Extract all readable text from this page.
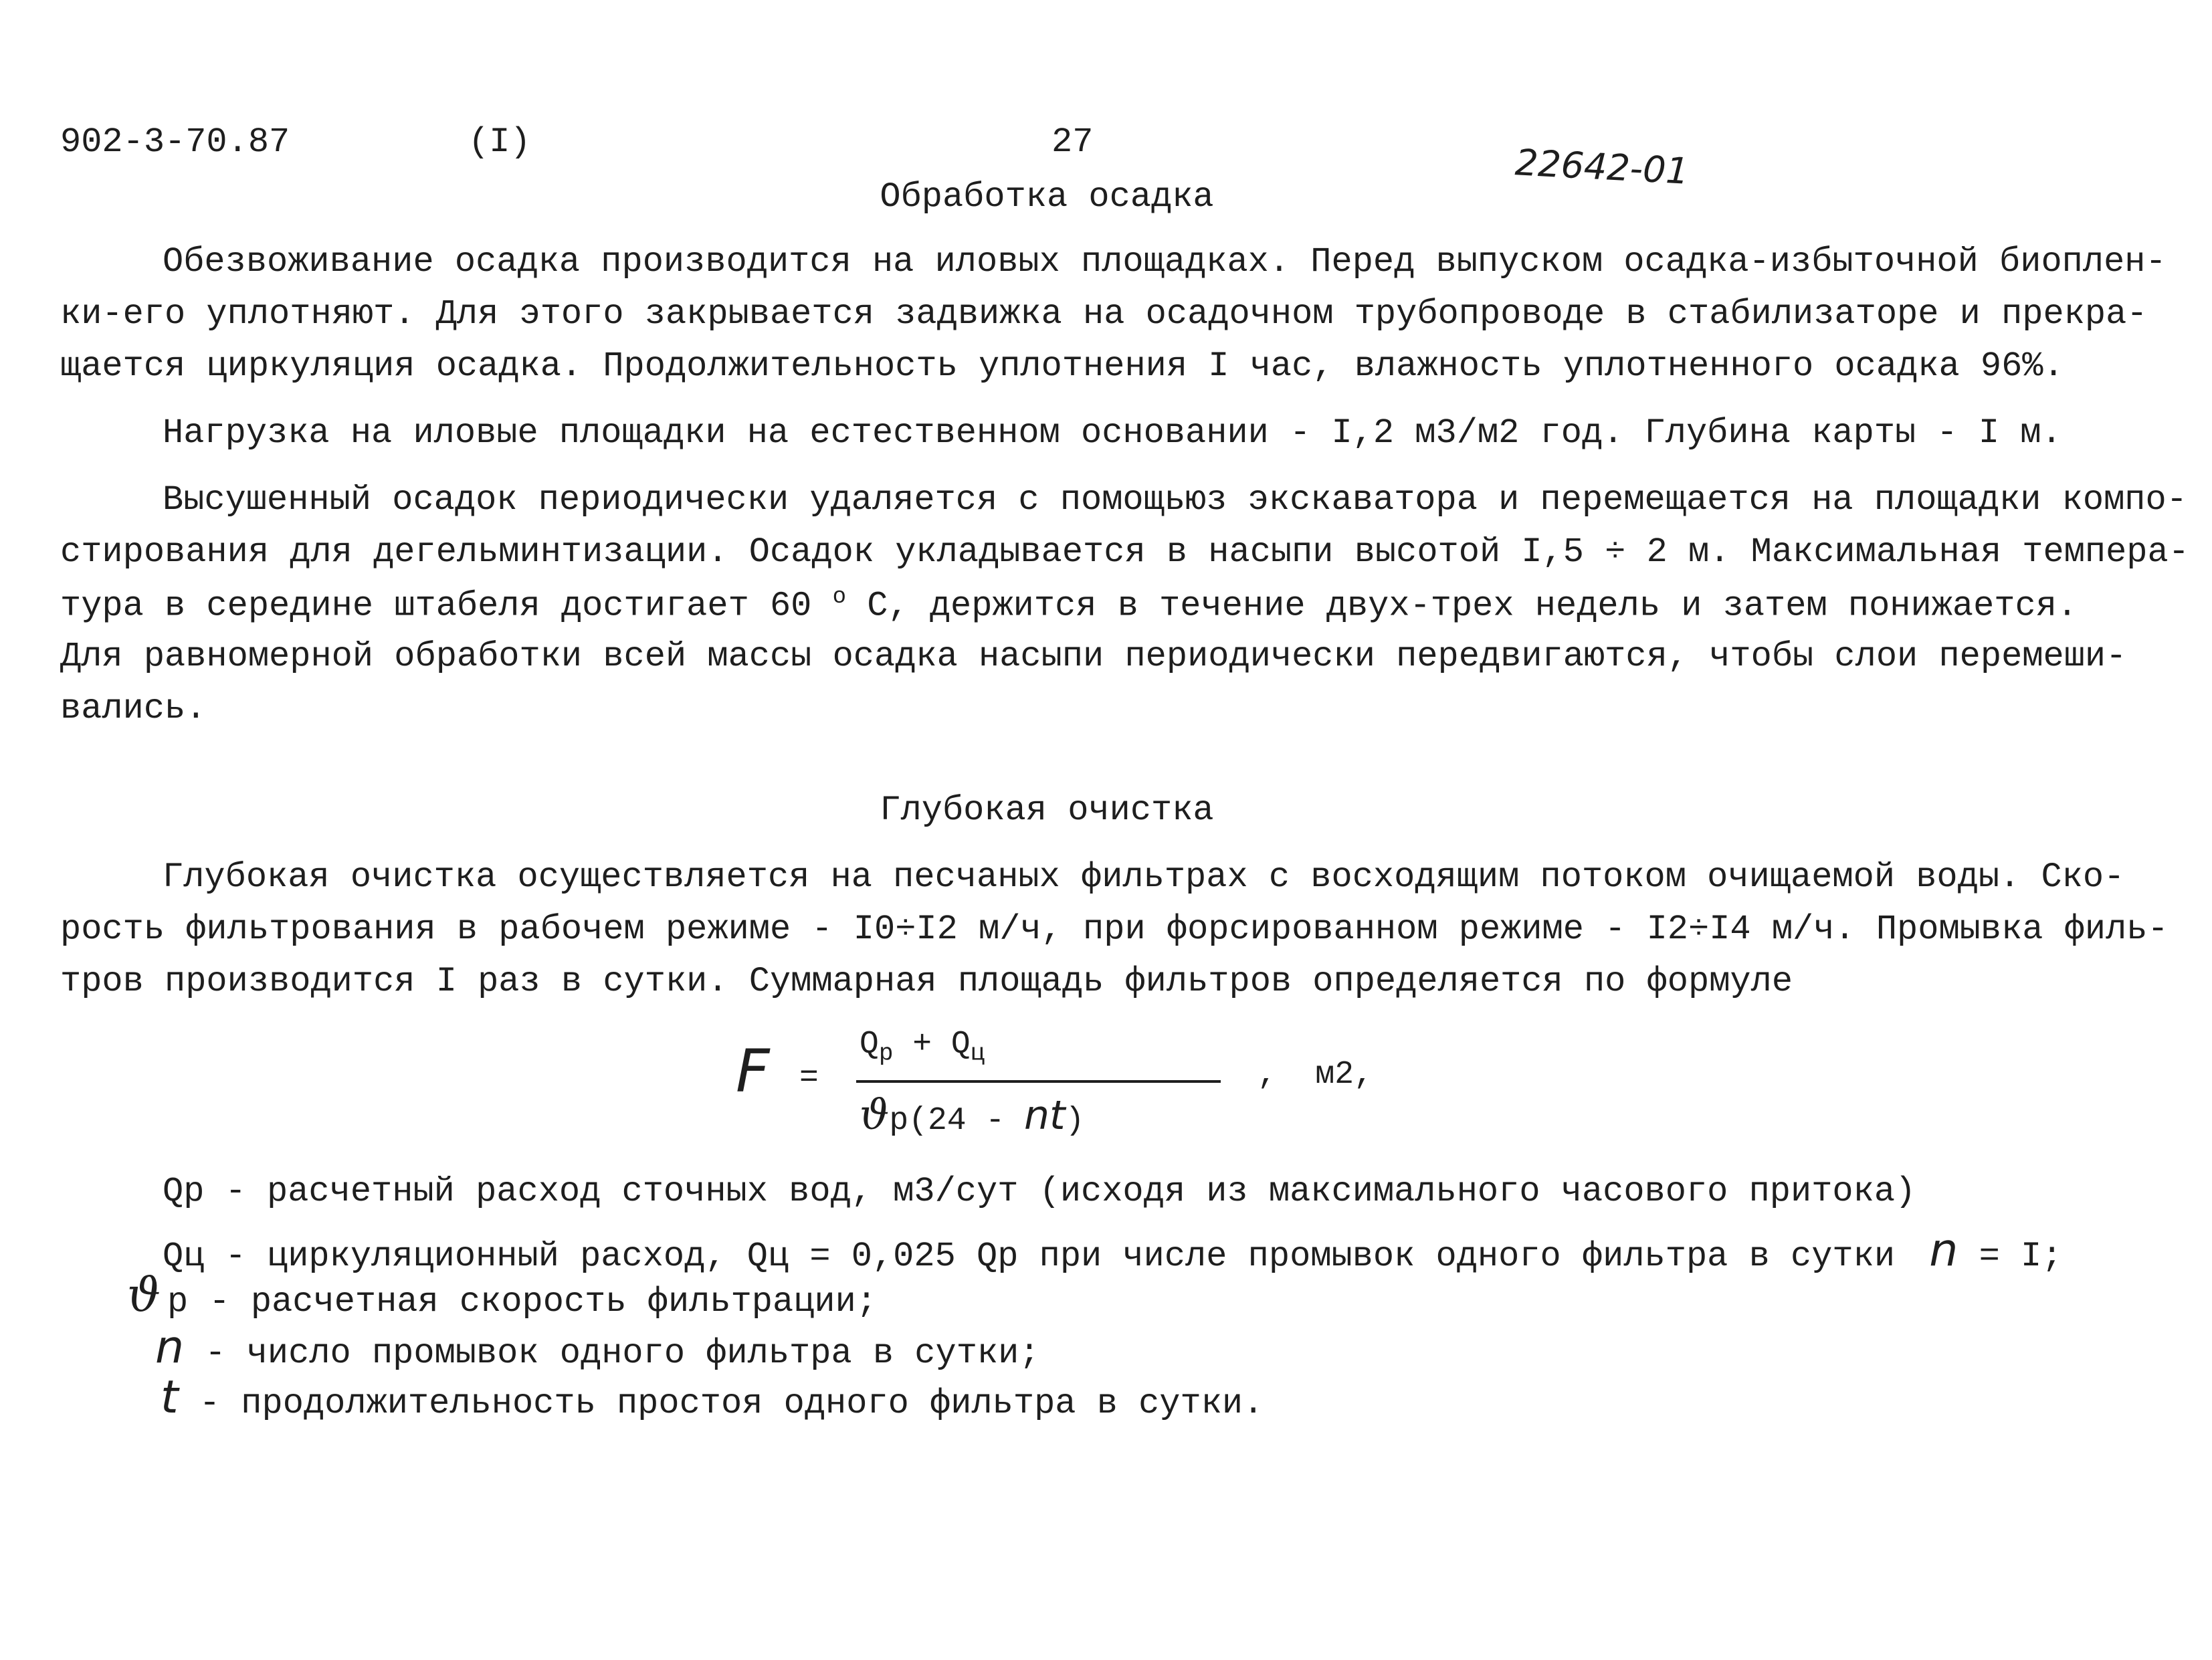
902-3-70.87	(I)	27	22642-01
Обработка осадка
Обезвоживание осадка производится на иловых площадках. Перед выпуском осадка-избыточной биоплен-
ки-его уплотняют. Для этого закрывается задвижка на осадочном трубопроводе в стабилизаторе и прекра-
щается циркуляция осадка. Продолжительность уплотнения I час, влажность уплотненного осадка 96%.
Нагрузка на иловые площадки на естественном основании - I,2 м3/м2 год. Глубина карты - I м.
Высушенный осадок периодически удаляется с помощьюз экскаватора и перемещается на площадки компо-
стирования для дегельминтизации. Осадок укладывается в насыпи высотой I,5 ÷ 2 м. Максимальная темпера-
тура в середине штабеля достигает 60 $^o$ C, держится в течение двух-трех недель и затем понижается.
Для равномерной обработки всей массы осадка насыпи периодически передвигаются, чтобы слои перемеши-
вались.
Глубокая очистка
Глубокая очистка осуществляется на песчаных фильтрах с восходящим потоком очищаемой воды. Ско-
рость фильтрования в рабочем режиме - I0÷I2 м/ч, при форсированном режиме - I2÷I4 м/ч. Промывка филь-
тров производится I раз в сутки. Суммарная площадь фильтров определяется по формуле
F =
$Q_р + Q_ц$
ϑр(24 - nt)
,  м2,
Qр - расчетный расход сточных вод, м3/сут (исходя из максимального часового притока)
Qц - циркуляционный расход, Qц = 0,025 Qр при числе промывок одного фильтра в сутки n = I;
ϑ р - расчетная скорость фильтрации;
n - число промывок одного фильтра в сутки;
t - продолжительность простоя одного фильтра в сутки.
